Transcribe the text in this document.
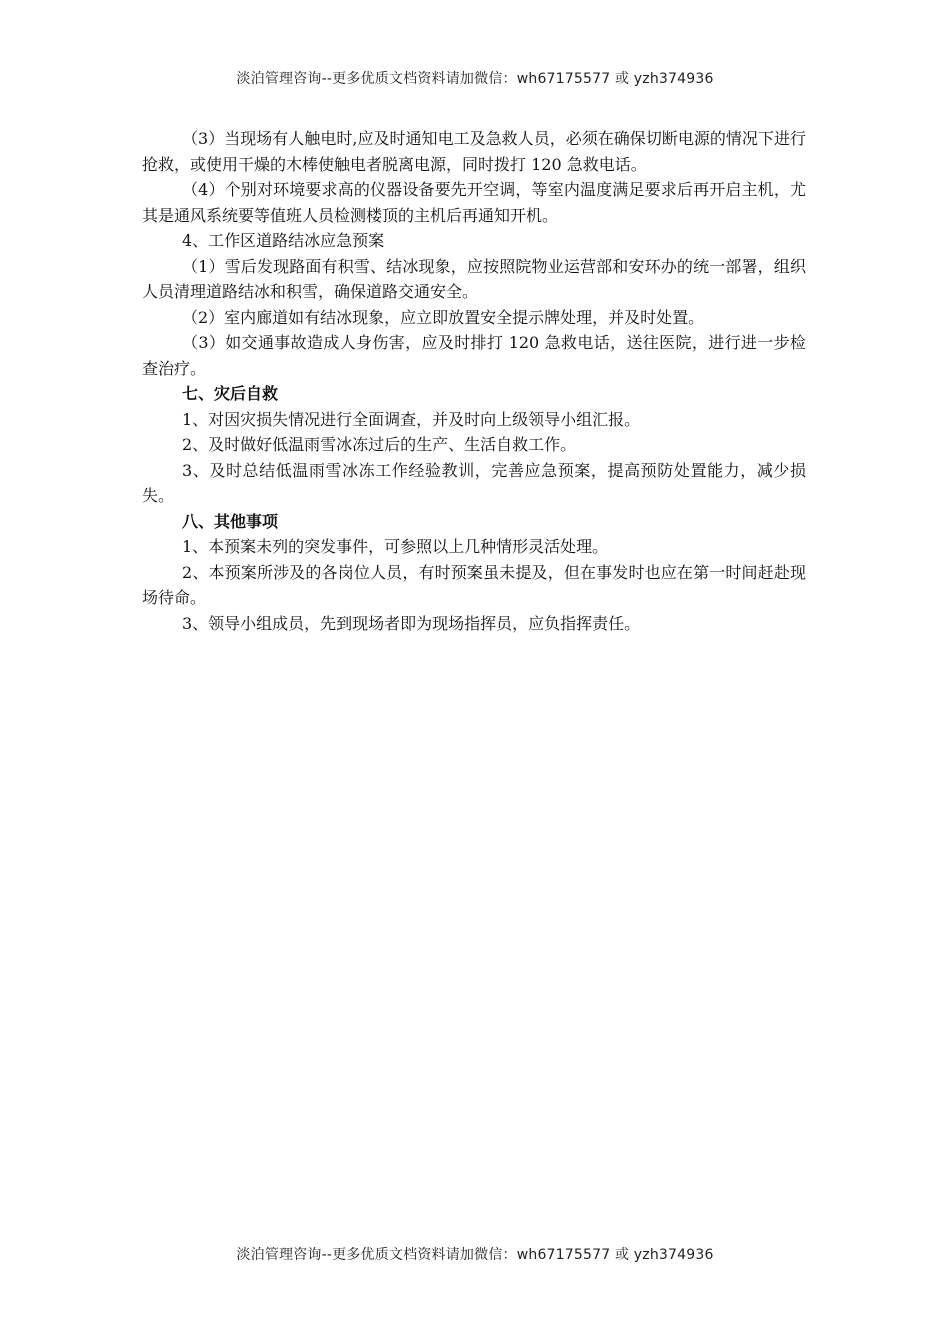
淡泊管理咨询--更多优质文档资料请加微信：wh67175577 或 yzh374936

（3）当现场有人触电时,应及时通知电工及急救人员，必须在确保切断电源的情况下进行抢救，或使用干燥的木棒使触电者脱离电源，同时拨打 120 急救电话。

（4）个别对环境要求高的仪器设备要先开空调，等室内温度满足要求后再开启主机，尤其是通风系统要等值班人员检测楼顶的主机后再通知开机。

4、工作区道路结冰应急预案

（1）雪后发现路面有积雪、结冰现象，应按照院物业运营部和安环办的统一部署，组织人员清理道路结冰和积雪，确保道路交通安全。

（2）室内廊道如有结冰现象，应立即放置安全提示牌处理，并及时处置。

（3）如交通事故造成人身伤害，应及时排打 120 急救电话，送往医院，进行进一步检查治疗。

七、灾后自救

1、对因灾损失情况进行全面调查，并及时向上级领导小组汇报。

2、及时做好低温雨雪冰冻过后的生产、生活自救工作。

3、及时总结低温雨雪冰冻工作经验教训，完善应急预案，提高预防处置能力，减少损失。

八、其他事项

1、本预案未列的突发事件，可参照以上几种情形灵活处理。

2、本预案所涉及的各岗位人员，有时预案虽未提及，但在事发时也应在第一时间赶赴现场待命。

3、领导小组成员，先到现场者即为现场指挥员，应负指挥责任。

淡泊管理咨询--更多优质文档资料请加微信：wh67175577 或 yzh374936
